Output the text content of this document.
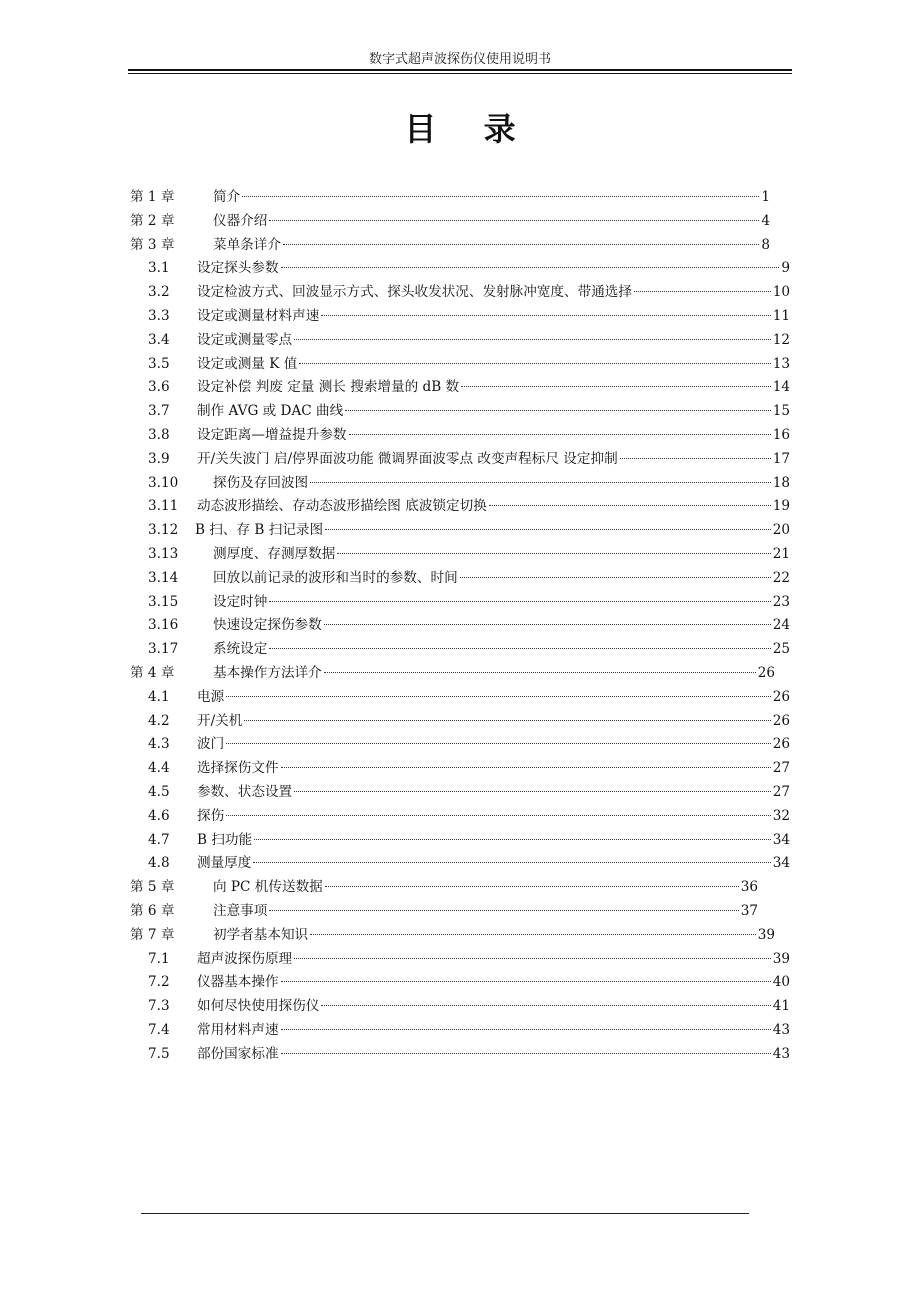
数字式超声波探伤仪使用说明书
目 录
第 1 章	简介	1
第 2 章	仪器介绍	4
第 3 章	菜单条详介	8
3.1	设定探头参数	9
3.2	设定检波方式、回波显示方式、探头收发状况、发射脉冲宽度、带通选择	10
3.3	设定或测量材料声速	11
3.4	设定或测量零点	12
3.5	设定或测量 K 值	13
3.6	设定补偿 判废 定量 测长 搜索增量的 dB 数	14
3.7	制作 AVG 或 DAC 曲线	15
3.8	设定距离—增益提升参数	16
3.9	开/关失波门 启/停界面波功能 微调界面波零点 改变声程标尺 设定抑制	17
3.10	探伤及存回波图	18
3.11	动态波形描绘、存动态波形描绘图 底波锁定切换	19
3.12	B 扫、存 B 扫记录图	20
3.13	测厚度、存测厚数据	21
3.14	回放以前记录的波形和当时的参数、时间	22
3.15	设定时钟	23
3.16	快速设定探伤参数	24
3.17	系统设定	25
第 4 章	基本操作方法详介	26
4.1	电源	26
4.2	开/关机	26
4.3	波门	26
4.4	选择探伤文件	27
4.5	参数、状态设置	27
4.6	探伤	32
4.7	B 扫功能	34
4.8	测量厚度	34
第 5 章	向 PC 机传送数据	36
第 6 章	注意事项	37
第 7 章	初学者基本知识	39
7.1	超声波探伤原理	39
7.2	仪器基本操作	40
7.3	如何尽快使用探伤仪	41
7.4	常用材料声速	43
7.5	部份国家标准	43
